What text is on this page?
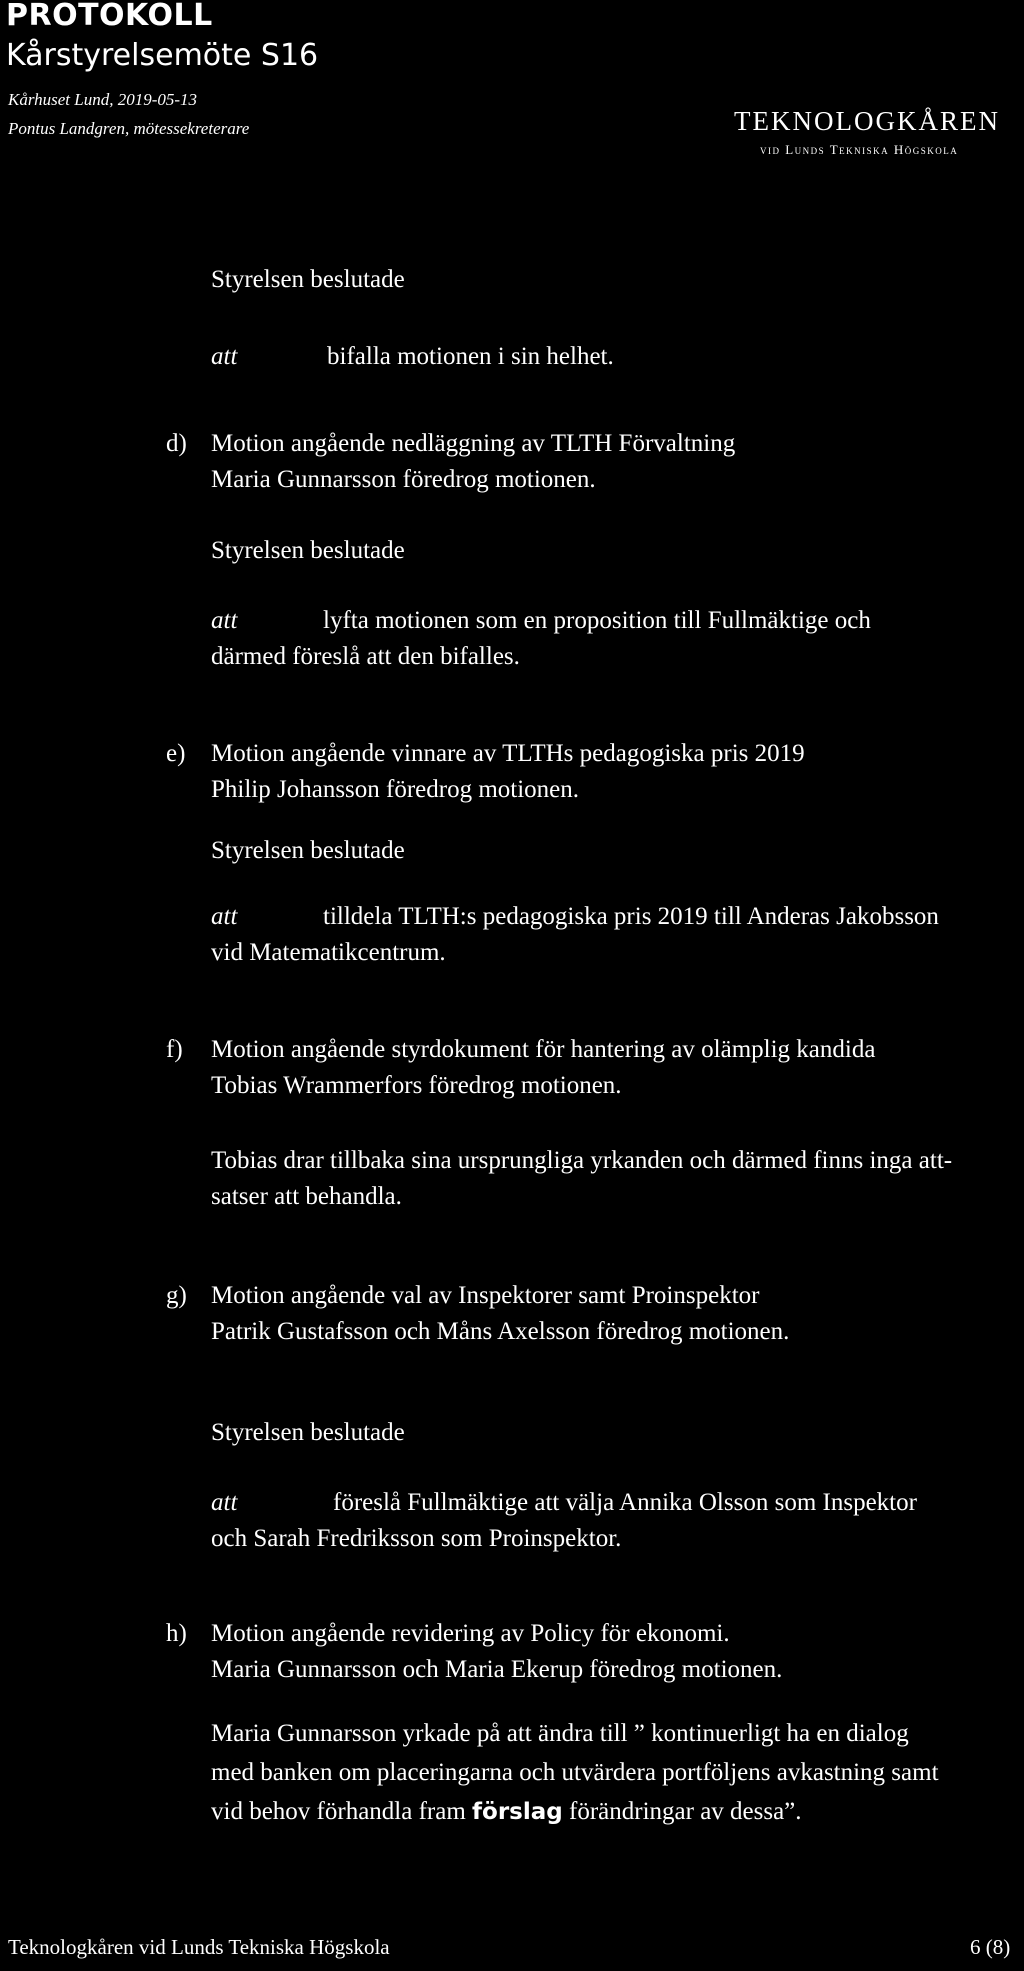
PROTOKOLL
Kårstyrelsemöte S16
Kårhuset Lund, 2019-05-13
Pontus Landgren, mötessekreterare	TEKNOLOGKÅREN
vid Lunds Tekniska Högskola
Styrelsen beslutade
att	bifalla motionen i sin helhet.
d) Motion angående nedläggning av TLTH Förvaltning
Maria Gunnarsson föredrog motionen.
Styrelsen beslutade
att	lyfta motionen som en proposition till Fullmäktige och
därmed föreslå att den bifalles.
e) Motion angående vinnare av TLTHs pedagogiska pris 2019
Philip Johansson föredrog motionen.
Styrelsen beslutade
att	tilldela TLTH:s pedagogiska pris 2019 till Anderas Jakobsson
vid Matematikcentrum.
f) Motion angående styrdokument för hantering av olämplig kandida
Tobias Wrammerfors föredrog motionen.
Tobias drar tillbaka sina ursprungliga yrkanden och därmed finns inga att-
satser att behandla.
g) Motion angående val av Inspektorer samt Proinspektor
Patrik Gustafsson och Måns Axelsson föredrog motionen.
Styrelsen beslutade
att	föreslå Fullmäktige att välja Annika Olsson som Inspektor
och Sarah Fredriksson som Proinspektor.
h) Motion angående revidering av Policy för ekonomi.
Maria Gunnarsson och Maria Ekerup föredrog motionen.
Maria Gunnarsson yrkade på att ändra till ” kontinuerligt ha en dialog
med banken om placeringarna och utvärdera portföljens avkastning samt
vid behov förhandla fram förslag förändringar av dessa”.
Teknologkåren vid Lunds Tekniska Högskola	6 (8)
